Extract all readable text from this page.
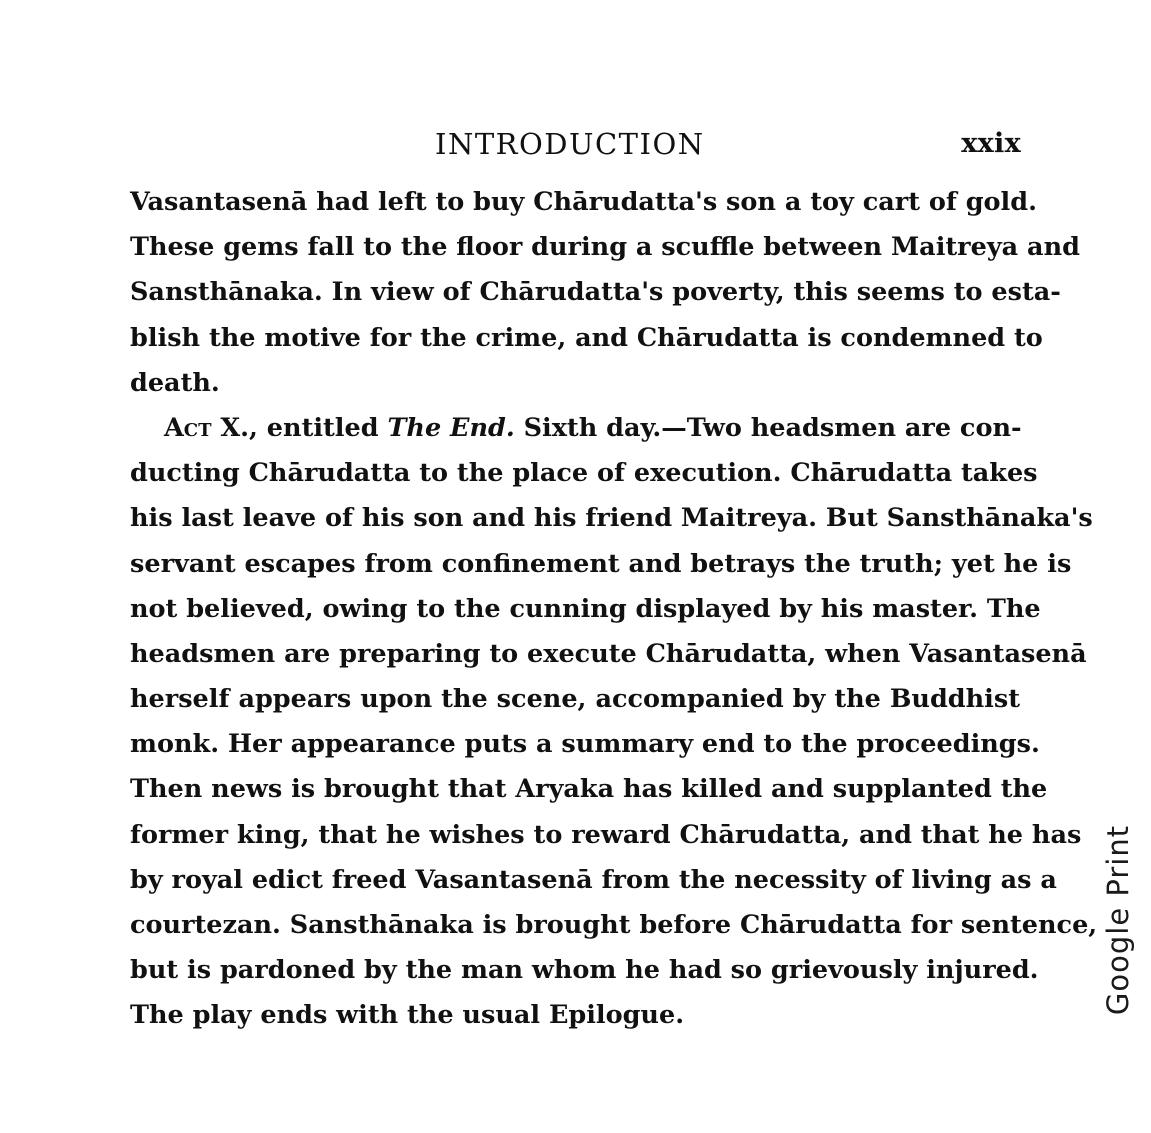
INTRODUCTION	xxix
Vasantasenā had left to buy Chārudatta's son a toy cart of gold.
These gems fall to the floor during a scuffle between Maitreya and
Sansthānaka. In view of Chārudatta's poverty, this seems to esta-
blish the motive for the crime, and Chārudatta is condemned to
death.
Act X., entitled The End. Sixth day.—Two headsmen are con-
ducting Chārudatta to the place of execution. Chārudatta takes
his last leave of his son and his friend Maitreya. But Sansthānaka's
servant escapes from confinement and betrays the truth; yet he is
not believed, owing to the cunning displayed by his master. The
headsmen are preparing to execute Chārudatta, when Vasantasenā
herself appears upon the scene, accompanied by the Buddhist
monk. Her appearance puts a summary end to the proceedings.
Then news is brought that Aryaka has killed and supplanted the
former king, that he wishes to reward Chārudatta, and that he has
by royal edict freed Vasantasenā from the necessity of living as a
courtezan. Sansthānaka is brought before Chārudatta for sentence,
but is pardoned by the man whom he had so grievously injured.
The play ends with the usual Epilogue.
Google Print
